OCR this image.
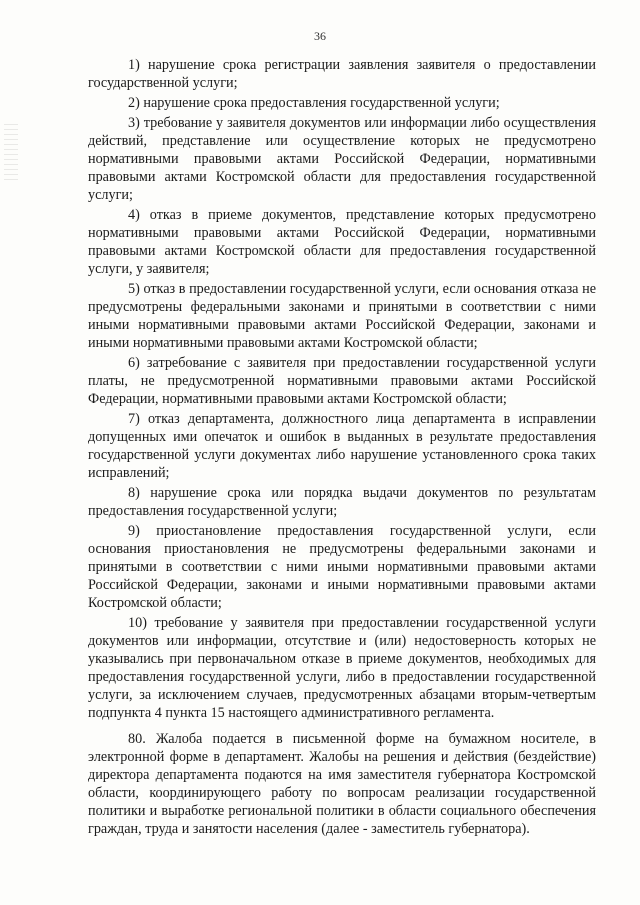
36

1) нарушение срока регистрации заявления заявителя о предоставлении государственной услуги;

2) нарушение срока предоставления государственной услуги;

3) требование у заявителя документов или информации либо осуществления действий, представление или осуществление которых не предусмотрено нормативными правовыми актами Российской Федерации, нормативными правовыми актами Костромской области для предоставления государственной услуги;

4) отказ в приеме документов, представление которых предусмотрено нормативными правовыми актами Российской Федерации, нормативными правовыми актами Костромской области для предоставления государственной услуги, у заявителя;

5) отказ в предоставлении государственной услуги, если основания отказа не предусмотрены федеральными законами и принятыми в соответствии с ними иными нормативными правовыми актами Российской Федерации, законами и иными нормативными правовыми актами Костромской области;

6) затребование с заявителя при предоставлении государственной услуги платы, не предусмотренной нормативными правовыми актами Российской Федерации, нормативными правовыми актами Костромской области;

7) отказ департамента, должностного лица департамента в исправлении допущенных ими опечаток и ошибок в выданных в результате предоставления государственной услуги документах либо нарушение установленного срока таких исправлений;

8) нарушение срока или порядка выдачи документов по результатам предоставления государственной услуги;

9) приостановление предоставления государственной услуги, если основания приостановления не предусмотрены федеральными законами и принятыми в соответствии с ними иными нормативными правовыми актами Российской Федерации, законами и иными нормативными правовыми актами Костромской области;

10) требование у заявителя при предоставлении государственной услуги документов или информации, отсутствие и (или) недостоверность которых не указывались при первоначальном отказе в приеме документов, необходимых для предоставления государственной услуги, либо в предоставлении государственной услуги, за исключением случаев, предусмотренных абзацами вторым-четвертым подпункта 4 пункта 15 настоящего административного регламента.

80. Жалоба подается в письменной форме на бумажном носителе, в электронной форме в департамент. Жалобы на решения и действия (бездействие) директора департамента подаются на имя заместителя губернатора Костромской области, координирующего работу по вопросам реализации государственной политики и выработке региональной политики в области социального обеспечения граждан, труда и занятости населения (далее - заместитель губернатора).
